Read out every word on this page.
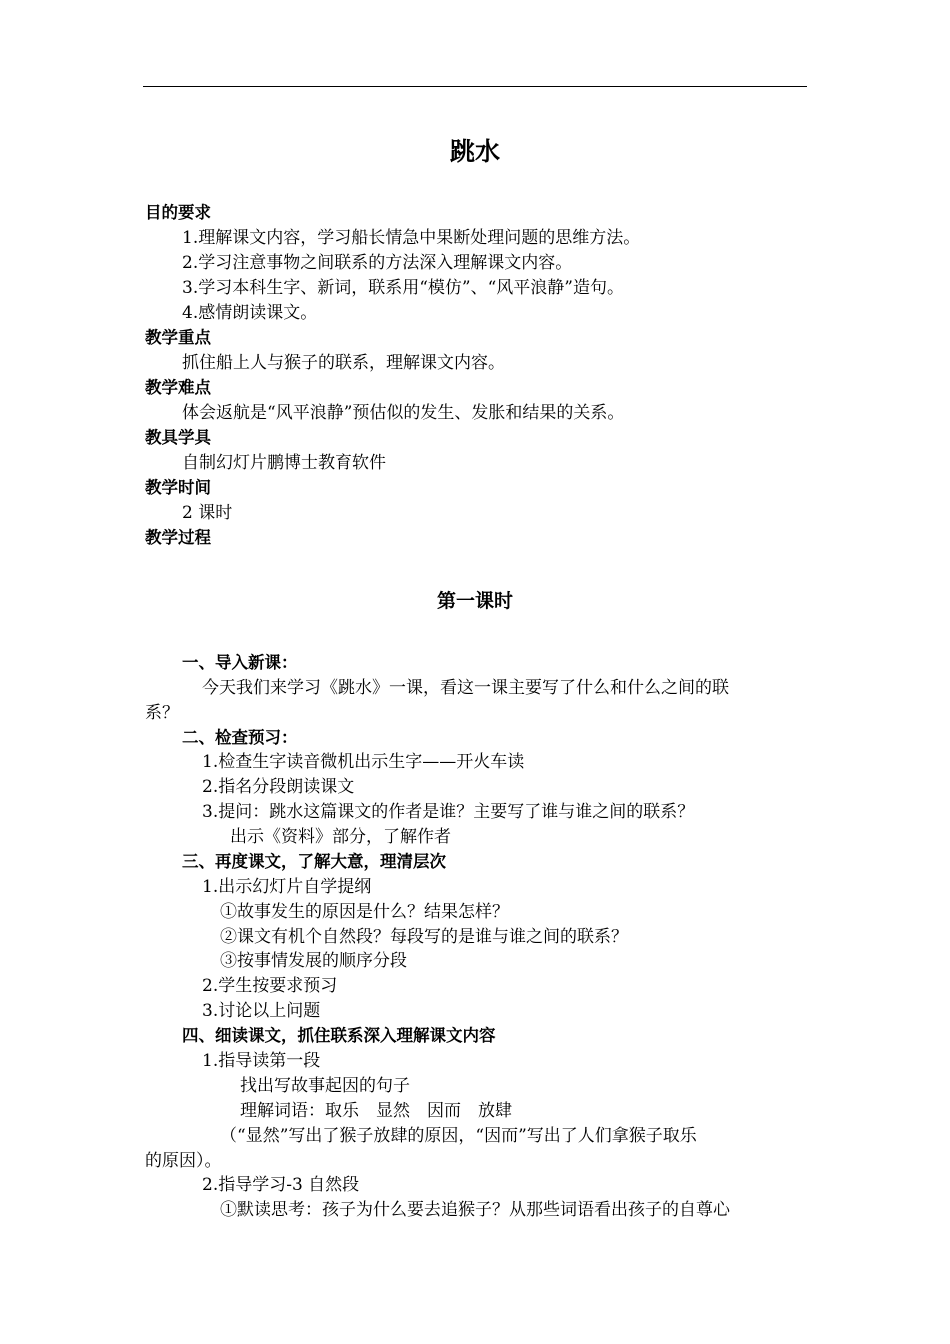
跳水
目的要求
1.理解课文内容，学习船长情急中果断处理问题的思维方法。
2.学习注意事物之间联系的方法深入理解课文内容。
3.学习本科生字、新词，联系用“模仿”、“风平浪静”造句。
4.感情朗读课文。
教学重点
抓住船上人与猴子的联系，理解课文内容。
教学难点
体会返航是“风平浪静”预估似的发生、发胀和结果的关系。
教具学具
自制幻灯片鹏博士教育软件
教学时间
2 课时
教学过程
第一课时
一、导入新课：
今天我们来学习《跳水》一课，看这一课主要写了什么和什么之间的联
系？
二、检查预习：
1.检查生字读音微机出示生字——开火车读
2.指名分段朗读课文
3.提问：跳水这篇课文的作者是谁？主要写了谁与谁之间的联系？
出示《资料》部分，了解作者
三、再度课文，了解大意，理清层次
1.出示幻灯片自学提纲
①故事发生的原因是什么？结果怎样？
②课文有机个自然段？每段写的是谁与谁之间的联系？
③按事情发展的顺序分段
2.学生按要求预习
3.讨论以上问题
四、细读课文，抓住联系深入理解课文内容
1.指导读第一段
找出写故事起因的句子
理解词语：取乐　显然　因而　放肆
（“显然”写出了猴子放肆的原因，“因而”写出了人们拿猴子取乐
的原因）。
2.指导学习-3 自然段
①默读思考：孩子为什么要去追猴子？从那些词语看出孩子的自尊心
